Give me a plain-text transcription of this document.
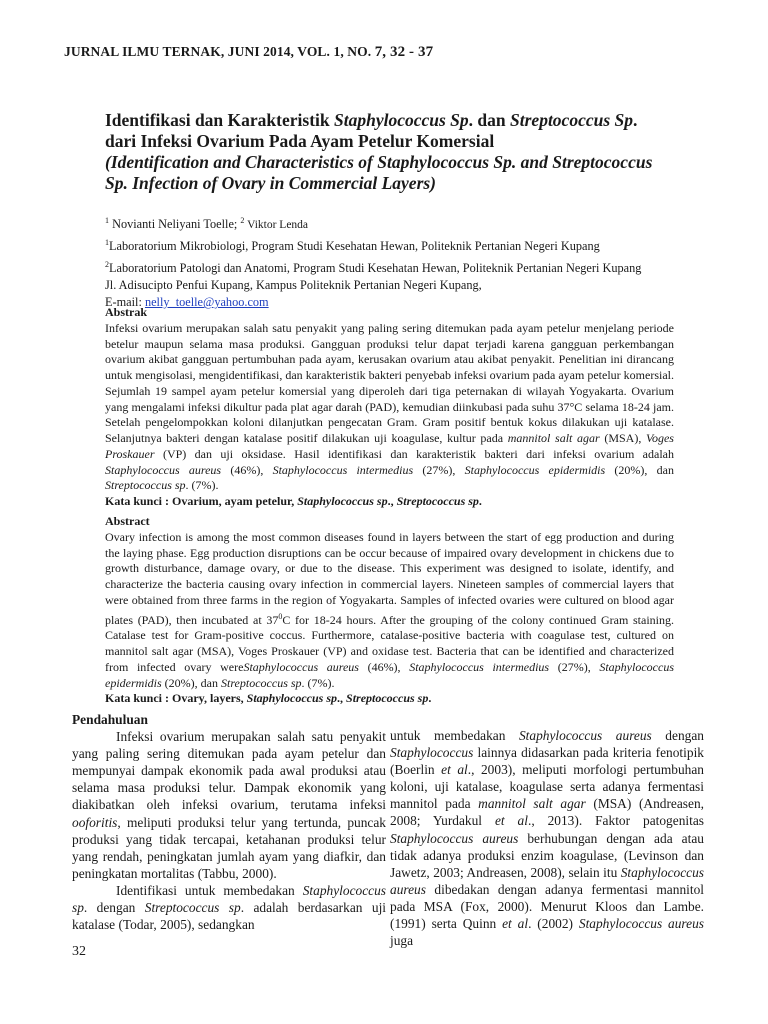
JURNAL ILMU TERNAK, JUNI 2014, VOL. 1, NO. 7, 32 - 37
Identifikasi dan Karakteristik Staphylococcus Sp. dan Streptococcus Sp.
dari Infeksi Ovarium Pada Ayam Petelur Komersial
(Identification and Characteristics of Staphylococcus Sp. and Streptococcus
Sp. Infection of Ovary in Commercial Layers)
$^1$ Novianti Neliyani Toelle; $^2$ Viktor Lenda
$^1$Laboratorium Mikrobiologi, Program Studi Kesehatan Hewan, Politeknik Pertanian Negeri Kupang
$^2$Laboratorium Patologi dan Anatomi, Program Studi Kesehatan Hewan, Politeknik Pertanian Negeri Kupang
Jl. Adisucipto Penfui Kupang, Kampus Politeknik Pertanian Negeri Kupang,
E-mail: nelly_toelle@yahoo.com
Abstrak

Infeksi ovarium merupakan salah satu penyakit yang paling sering ditemukan pada ayam petelur menjelang periode betelur maupun selama masa produksi. Gangguan produksi telur dapat terjadi karena gangguan perkembangan ovarium akibat gangguan pertumbuhan pada ayam, kerusakan ovarium atau akibat penyakit. Penelitian ini dirancang untuk mengisolasi, mengidentifikasi, dan karakteristik bakteri penyebab infeksi ovarium pada ayam petelur komersial. Sejumlah 19 sampel ayam petelur komersial yang diperoleh dari tiga peternakan di wilayah Yogyakarta. Ovarium yang mengalami infeksi dikultur pada plat agar darah (PAD), kemudian diinkubasi pada suhu 37°C selama 18-24 jam. Setelah pengelompokkan koloni dilanjutkan pengecatan Gram. Gram positif bentuk kokus dilakukan uji katalase. Selanjutnya bakteri dengan katalase positif dilakukan uji koagulase, kultur pada mannitol salt agar (MSA), Voges Proskauer (VP) dan uji oksidase. Hasil identifikasi dan karakteristik bakteri dari infeksi ovarium adalah Staphylococcus aureus (46%), Staphylococcus intermedius (27%), Staphylococcus epidermidis (20%), dan Streptococcus sp. (7%).

Kata kunci : Ovarium, ayam petelur, Staphylococcus sp., Streptococcus sp.
Abstract

Ovary infection is among the most common diseases found in layers between the start of egg production and during the laying phase. Egg production disruptions can be occur because of impaired ovary development in chickens due to growth disturbance, damage ovary, or due to the disease. This experiment was designed to isolate, identify, and characterize the bacteria causing ovary infection in commercial layers. Nineteen samples of commercial layers that were obtained from three farms in the region of Yogyakarta. Samples of infected ovaries were cultured on blood agar plates (PAD), then incubated at $37^0C$ for 18-24 hours. After the grouping of the colony continued Gram staining. Catalase test for Gram-positive coccus. Furthermore, catalase-positive bacteria with coagulase test, cultured on mannitol salt agar (MSA), Voges Proskauer (VP) and oxidase test. Bacteria that can be identified and characterized from infected ovary wereStaphylococcus aureus (46%), Staphylococcus intermedius (27%), Staphylococcus epidermidis (20%), dan Streptococcus sp. (7%).

Kata kunci : Ovary, layers, Staphylococcus sp., Streptococcus sp.
Pendahuluan

Infeksi ovarium merupakan salah satu penyakit yang paling sering ditemukan pada ayam petelur dan mempunyai dampak ekonomik pada awal produksi atau selama masa produksi telur. Dampak ekonomik yang diakibatkan oleh infeksi ovarium, terutama infeksi ooforitis, meliputi produksi telur yang tertunda, puncak produksi yang tidak tercapai, ketahanan produksi telur yang rendah, peningkatan jumlah ayam yang diafkir, dan peningkatan mortalitas (Tabbu, 2000).

Identifikasi untuk membedakan Staphylococcus sp. dengan Streptococcus sp. adalah berdasarkan uji katalase (Todar, 2005), sedangkan

untuk membedakan Staphylococcus aureus dengan Staphylococcus lainnya didasarkan pada kriteria fenotipik (Boerlin et al., 2003), meliputi morfologi pertumbuhan koloni, uji katalase, koagulase serta adanya fermentasi mannitol pada mannitol salt agar (MSA) (Andreasen, 2008; Yurdakul et al., 2013). Faktor patogenitas Staphylococcus aureus berhubungan dengan ada atau tidak adanya produksi enzim koagulase, (Levinson dan Jawetz, 2003; Andreasen, 2008), selain itu Staphylococcus aureus dibedakan dengan adanya fermentasi mannitol pada MSA (Fox, 2000). Menurut Kloos dan Lambe. (1991) serta Quinn et al. (2002) Staphylococcus aureus juga

32
